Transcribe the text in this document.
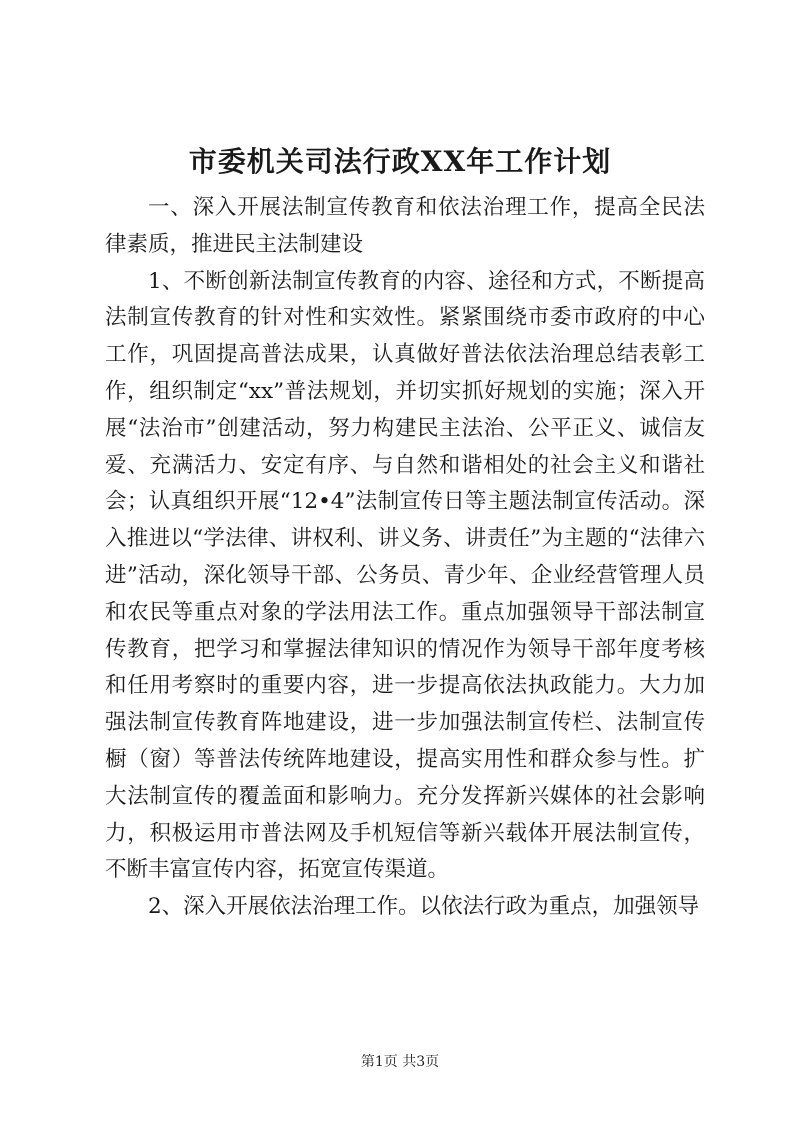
市委机关司法行政XX年工作计划

一、深入开展法制宣传教育和依法治理工作，提高全民法律素质，推进民主法制建设

1、不断创新法制宣传教育的内容、途径和方式，不断提高法制宣传教育的针对性和实效性。紧紧围绕市委市政府的中心工作，巩固提高普法成果，认真做好普法依法治理总结表彰工作，组织制定“xx”普法规划，并切实抓好规划的实施；深入开展“法治市”创建活动，努力构建民主法治、公平正义、诚信友爱、充满活力、安定有序、与自然和谐相处的社会主义和谐社会；认真组织开展“12•4”法制宣传日等主题法制宣传活动。深入推进以“学法律、讲权利、讲义务、讲责任”为主题的“法律六进”活动，深化领导干部、公务员、青少年、企业经营管理人员和农民等重点对象的学法用法工作。重点加强领导干部法制宣传教育，把学习和掌握法律知识的情况作为领导干部年度考核和任用考察时的重要内容，进一步提高依法执政能力。大力加强法制宣传教育阵地建设，进一步加强法制宣传栏、法制宣传橱（窗）等普法传统阵地建设，提高实用性和群众参与性。扩大法制宣传的覆盖面和影响力。充分发挥新兴媒体的社会影响力，积极运用市普法网及手机短信等新兴载体开展法制宣传，不断丰富宣传内容，拓宽宣传渠道。

2、深入开展依法治理工作。以依法行政为重点，加强领导

第1页 共3页
